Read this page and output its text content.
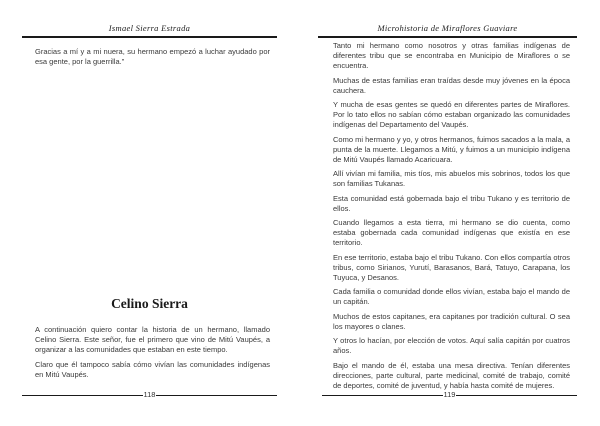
Ismael Sierra Estrada

Gracias a mí y a mi nuera, su hermano empezó a luchar ayudado por esa gente, por la guerrilla.”

Celino Sierra

A continuación quiero contar la historia de un hermano, llamado Celino Sierra. Este señor, fue el primero que vino de Mitú Vaupés, a organizar a las comunidades que estaban en este tiempo.

Claro que él tampoco sabía cómo vivían las comunidades indígenas en Mitú Vaupés.

118
Microhistoria de Miraflores Guaviare

Tanto mi hermano como nosotros y otras familias indígenas de diferentes tribu que se encontraba en Municipio de Miraflores o se encuentra.

Muchas de estas familias eran traídas desde muy jóvenes en la época cauchera.

Y mucha de esas gentes se quedó en diferentes partes de Miraflores. Por lo tato ellos no sabían cómo estaban organizado las comunidades indígenas del Departamento del Vaupés.

Como mi hermano y yo, y otros hermanos, fuimos sacados a la mala, a punta de la muerte. Llegamos a Mitú, y fuimos a un municipio indígena de Mitú Vaupés llamado Acaricuara.

Allí vivían mi familia, mis tíos, mis abuelos mis sobrinos, todos los que son familias Tukanas.

Esta comunidad está gobernada bajo el tribu Tukano y es territorio de ellos.

Cuando llegamos a esta tierra, mi hermano se dio cuenta, como estaba gobernada cada comunidad indígenas que existía en ese territorio.

En ese territorio, estaba bajo el tribu Tukano. Con ellos compartía otros tribus, como Sirianos, Yurutí, Barasanos, Bará, Tatuyo, Carapana, los Tuyuca, y Desanos.

Cada familia o comunidad donde ellos vivían, estaba bajo el mando de un capitán.

Muchos de estos capitanes, era capitanes por tradición cultural. O sea los mayores o clanes.

Y otros lo hacían, por elección de votos. Aquí salía capitán por cuatros años.

Bajo el mando de él, estaba una mesa directiva. Tenían diferentes direcciones, parte cultural, parte medicinal, comité de trabajo, comité de deportes, comité de juventud, y había hasta comité de mujeres.

119
